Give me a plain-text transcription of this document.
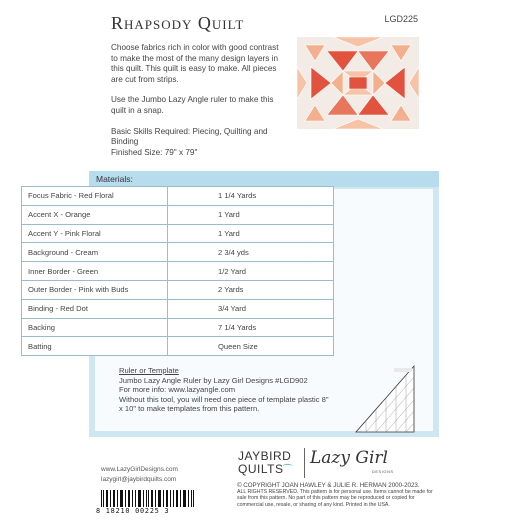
Rhapsody Quilt	LGD225

Choose fabrics rich in color with good contrast to make the most of the many design layers in this quilt. This quilt is easy to make. All pieces are cut from strips.

Use the Jumbo Lazy Angle ruler to make this quilt in a snap.

Basic Skills Required: Piecing, Quilting and Binding
Finished Size: 79" x 79"
Materials:
Focus Fabric - Red Floral	1 1/4 Yards
Accent X - Orange	1 Yard
Accent Y - Pink Floral	1 Yard
Background - Cream	2 3/4 yds
Inner Border - Green	1/2 Yard
Outer Border - Pink with Buds	2 Yards
Binding - Red Dot	3/4 Yard
Backing	7 1/4 Yards
Batting	Queen Size
Ruler or Template
Jumbo Lazy Angle Ruler by Lazy Girl Designs #LGD902
For more info: www.lazyangle.com
Without this tool, you will need one piece of template plastic 8" x 10" to make templates from this pattern.
JAYBIRD
QUILTS⁀
Lazy Girl
DESIGNS
www.LazyGirlDesigns.com
lazygirl@jaybirdquilts.com
8 18210 00225 3
© COPYRIGHT JOAN HAWLEY & JULIE R. HERMAN 2000-2023.
ALL RIGHTS RESERVED. This pattern is for personal use. Items cannot be made for sale from this pattern. No part of this pattern may be reproduced or copied for commercial use, resale, or sharing of any kind. Printed in the USA.
